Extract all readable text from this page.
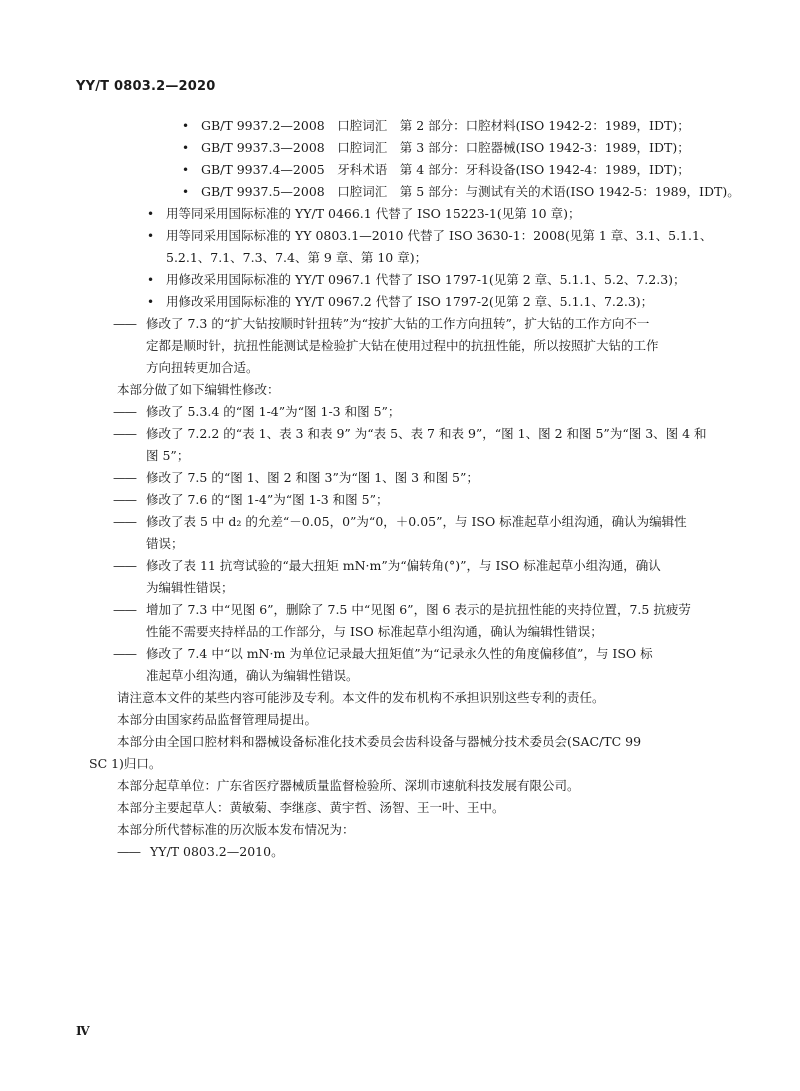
YY/T 0803.2—2020
• GB/T 9937.2—2008　口腔词汇　第 2 部分：口腔材料(ISO 1942-2：1989，IDT)；
• GB/T 9937.3—2008　口腔词汇　第 3 部分：口腔器械(ISO 1942-3：1989，IDT)；
• GB/T 9937.4—2005　牙科术语　第 4 部分：牙科设备(ISO 1942-4：1989，IDT)；
• GB/T 9937.5—2008　口腔词汇　第 5 部分：与测试有关的术语(ISO 1942-5：1989，IDT)。
• 用等同采用国际标准的 YY/T 0466.1 代替了 ISO 15223-1(见第 10 章)；
• 用等同采用国际标准的 YY 0803.1—2010 代替了 ISO 3630-1：2008(见第 1 章、3.1、5.1.1、
5.2.1、7.1、7.3、7.4、第 9 章、第 10 章)；
• 用修改采用国际标准的 YY/T 0967.1 代替了 ISO 1797-1(见第 2 章、5.1.1、5.2、7.2.3)；
• 用修改采用国际标准的 YY/T 0967.2 代替了 ISO 1797-2(见第 2 章、5.1.1、7.2.3)；
—— 修改了 7.3 的“扩大钻按顺时针扭转”为“按扩大钻的工作方向扭转”，扩大钻的工作方向不一
定都是顺时针，抗扭性能测试是检验扩大钻在使用过程中的抗扭性能，所以按照扩大钻的工作
方向扭转更加合适。
本部分做了如下编辑性修改：
—— 修改了 5.3.4 的“图 1-4”为“图 1-3 和图 5”；
—— 修改了 7.2.2 的“表 1、表 3 和表 9” 为“表 5、表 7 和表 9”，“图 1、图 2 和图 5”为“图 3、图 4 和
图 5”；
—— 修改了 7.5 的“图 1、图 2 和图 3”为“图 1、图 3 和图 5”；
—— 修改了 7.6 的“图 1-4”为“图 1-3 和图 5”；
—— 修改了表 5 中 d₂ 的允差“－0.05，0”为“0，＋0.05”，与 ISO 标准起草小组沟通，确认为编辑性
错误；
—— 修改了表 11 抗弯试验的“最大扭矩 mN·m”为“偏转角(°)”，与 ISO 标准起草小组沟通，确认
为编辑性错误；
—— 增加了 7.3 中“见图 6”，删除了 7.5 中“见图 6”，图 6 表示的是抗扭性能的夹持位置，7.5 抗疲劳
性能不需要夹持样品的工作部分，与 ISO 标准起草小组沟通，确认为编辑性错误；
—— 修改了 7.4 中“以 mN·m 为单位记录最大扭矩值”为“记录永久性的角度偏移值”，与 ISO 标
准起草小组沟通，确认为编辑性错误。
请注意本文件的某些内容可能涉及专利。本文件的发布机构不承担识别这些专利的责任。
本部分由国家药品监督管理局提出。
本部分由全国口腔材料和器械设备标准化技术委员会齿科设备与器械分技术委员会(SAC/TC 99
SC 1)归口。
本部分起草单位：广东省医疗器械质量监督检验所、深圳市速航科技发展有限公司。
本部分主要起草人：黄敏菊、李继彦、黄宇哲、汤智、王一叶、王中。
本部分所代替标准的历次版本发布情况为：
—— YY/T 0803.2—2010。
Ⅳ
